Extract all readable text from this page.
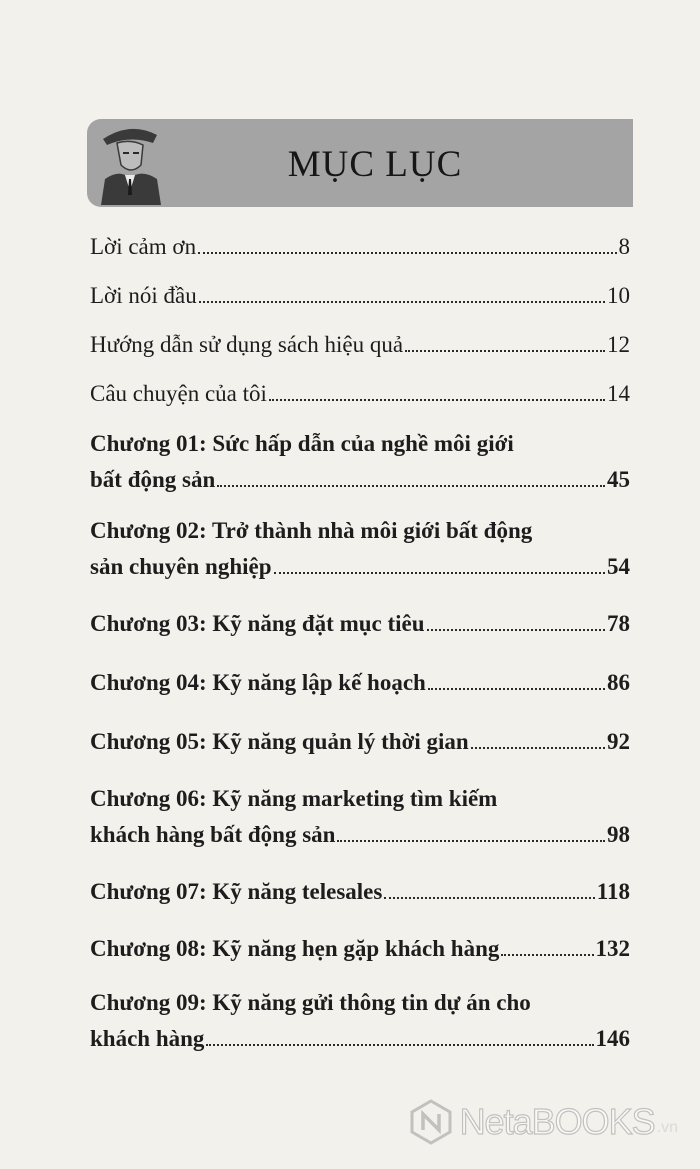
MỤC LỤC
Lời cảm ơn	8
Lời nói đầu	10
Hướng dẫn sử dụng sách hiệu quả	12
Câu chuyện của tôi	14
Chương 01: Sức hấp dẫn của nghề môi giới
bất động sản	45
Chương 02: Trở thành nhà môi giới bất động
sản chuyên nghiệp	54
Chương 03: Kỹ năng đặt mục tiêu	78
Chương 04: Kỹ năng lập kế hoạch	86
Chương 05: Kỹ năng quản lý thời gian	92
Chương 06: Kỹ năng marketing tìm kiếm
khách hàng bất động sản	98
Chương 07: Kỹ năng telesales	118
Chương 08: Kỹ năng hẹn gặp khách hàng	132
Chương 09: Kỹ năng gửi thông tin dự án cho
khách hàng	146
NetaBOOKS .vn
